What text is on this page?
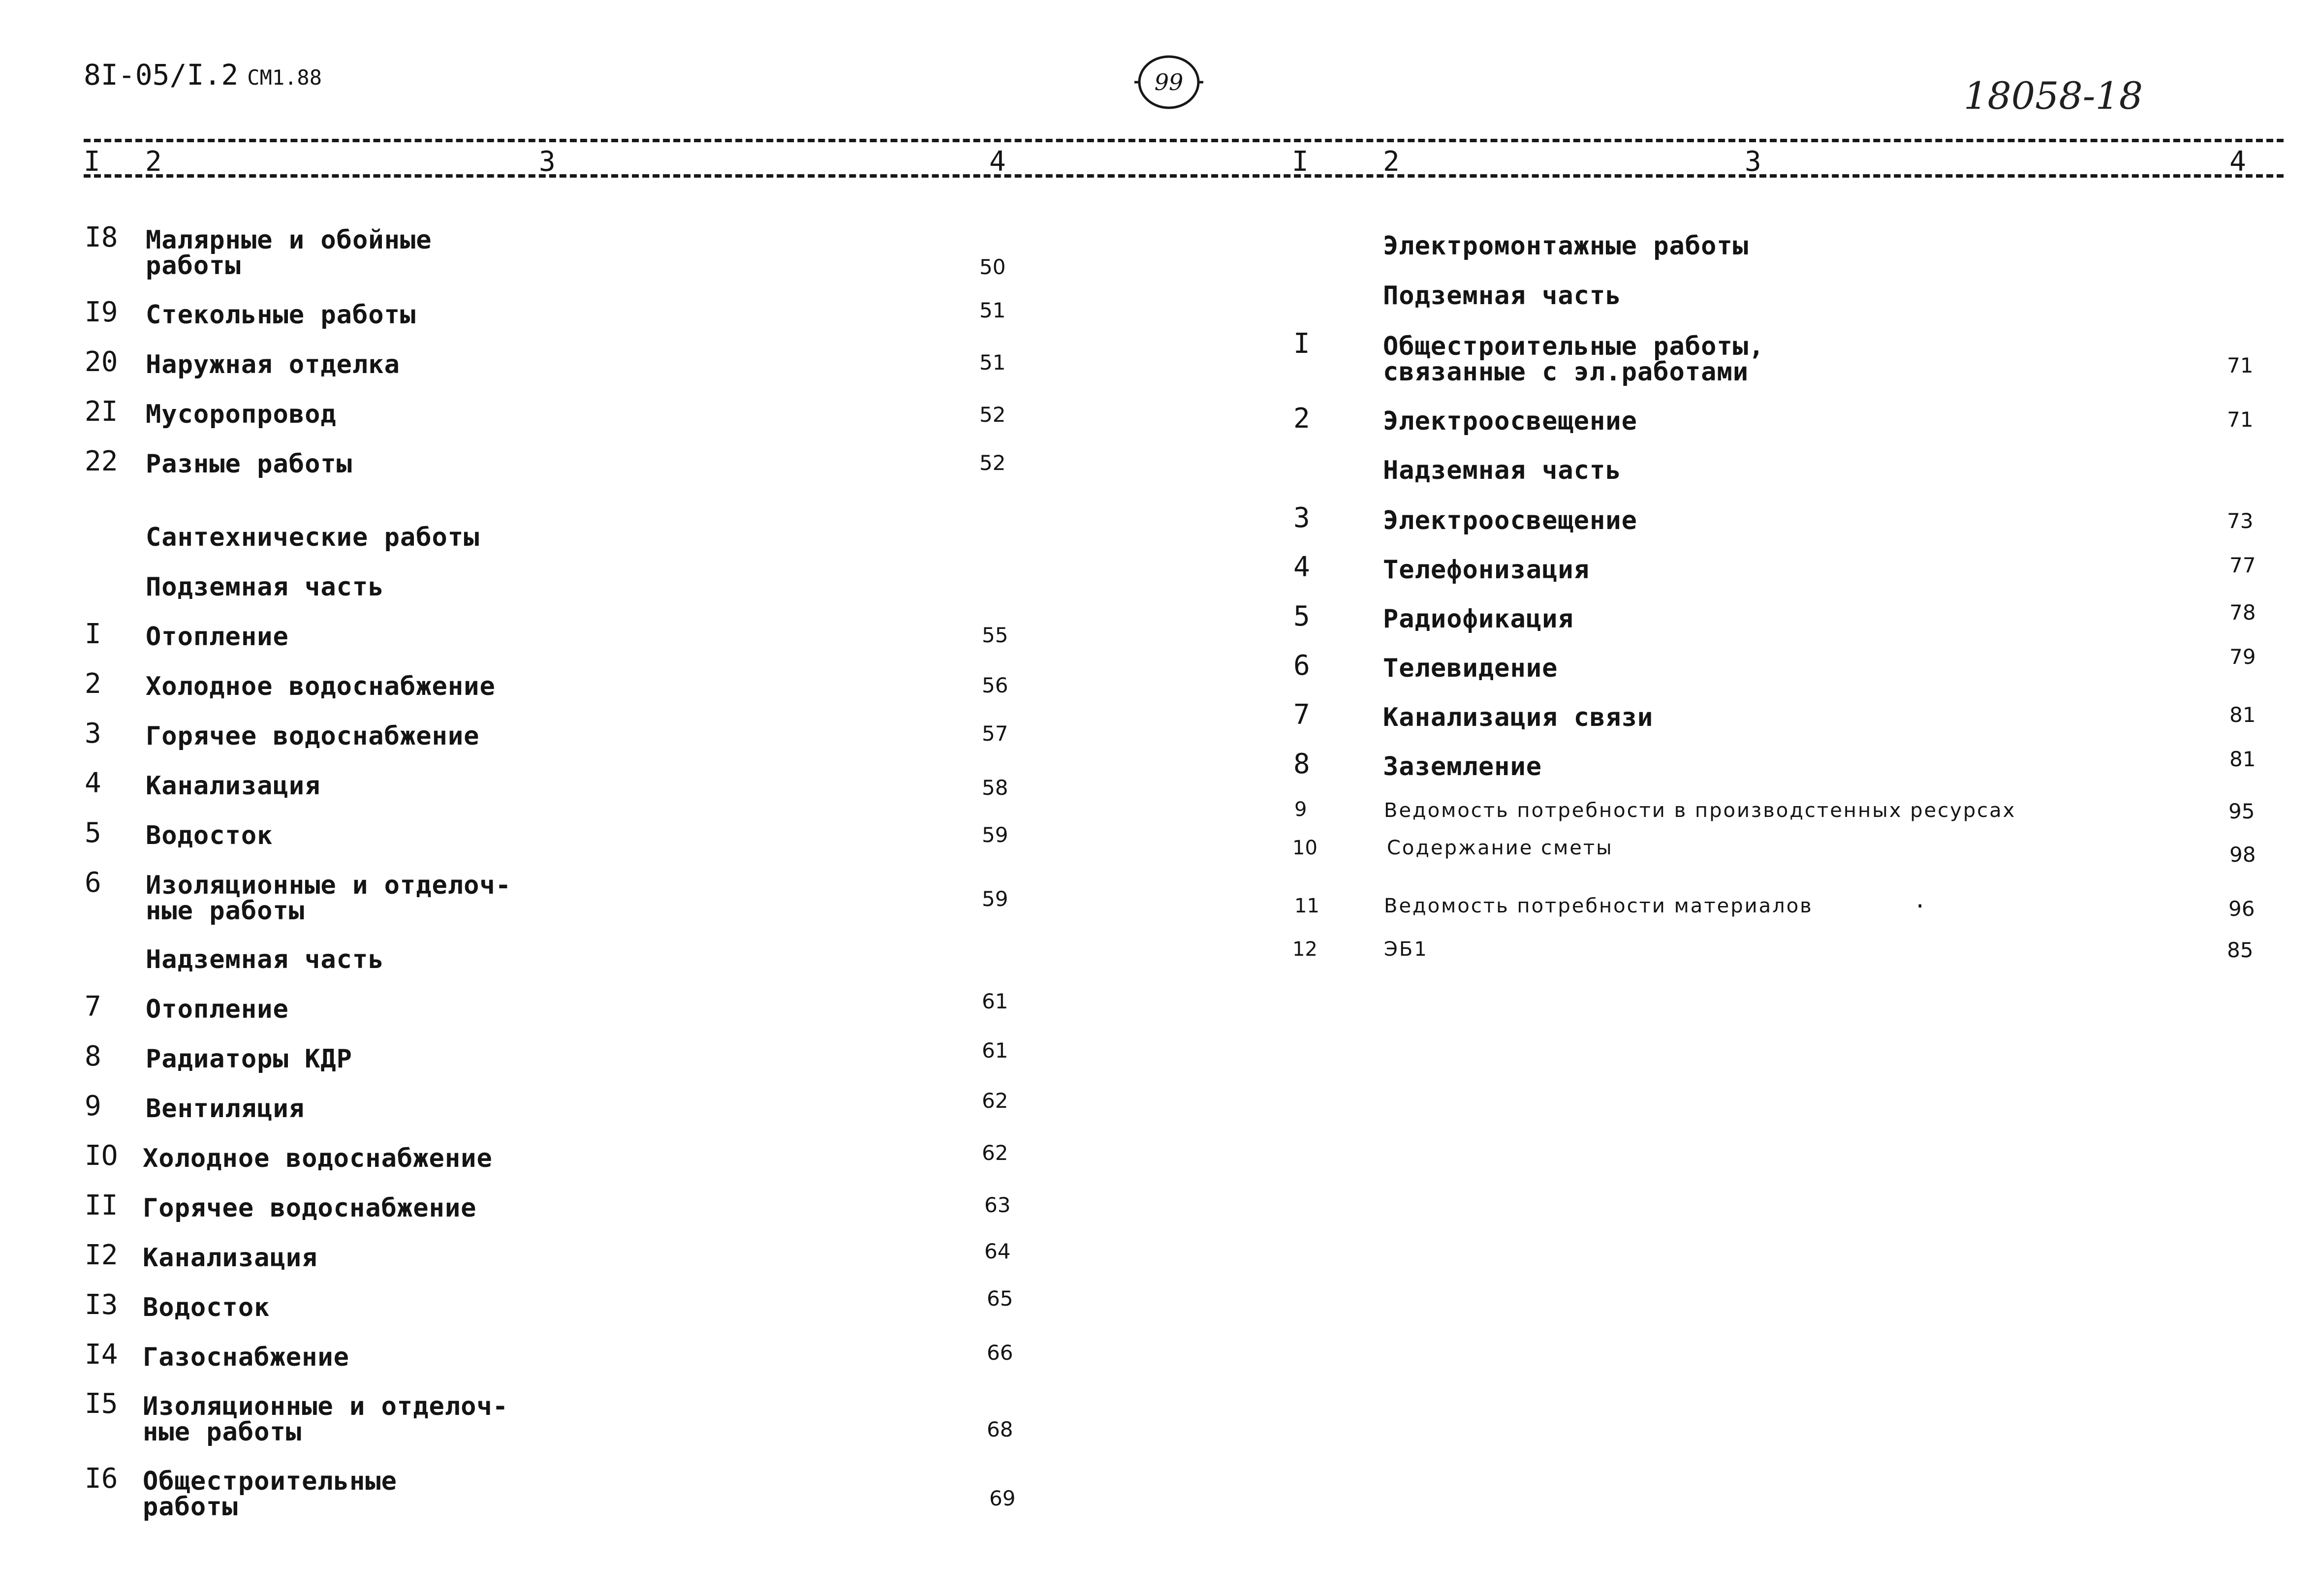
8I-05/I.2 СМ1.88	99	18058-18
I 2	3	4	I	2	3	4
I8 Малярные и обойные
работы	50
I9 Стекольные работы	51
20 Наружная отделка	51
2I Мусоропровод	52
22 Разные работы	52
Сантехнические работы
Подземная часть
I Отопление	55
2 Холодное водоснабжение	56
3 Горячее водоснабжение	57
4 Канализация	58
5 Водосток	59
6 Изоляционные и отделоч-
ные работы	59
Надземная часть
7 Отопление	61
8 Радиаторы КДР	61
9 Вентиляция	62
IO Холодное водоснабжение	62
II Горячее водоснабжение	63
I2 Канализация	64
I3 Водосток	65
I4 Газоснабжение	66
I5 Изоляционные и отделоч-
ные работы	68
I6 Общестроительные
работы	69
Электромонтажные работы
Подземная часть
I	Общестроительные работы,
связанные с эл.работами	71
2	Электроосвещение	71
Надземная часть
3	Электроосвещение	73
4	Телефонизация	77
5	Радиофикация	78
6	Телевидение	79
7	Канализация связи	81
8	Заземление	81
9	Ведомость потребности в производстенных ресурсах	95
10	Содержание сметы	98
11	Ведомость потребности материалов	·	96
12	ЭБ1	85
